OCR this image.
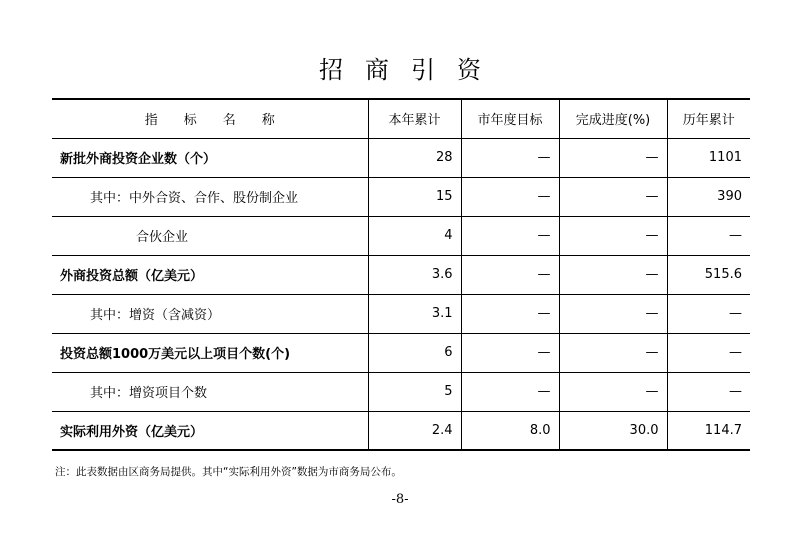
招商引资
指标名称	本年累计	市年度目标	完成进度(%)	历年累计
新批外商投资企业数（个）	28	—	—	1101
其中：中外合资、合作、股份制企业	15	—	—	390
合伙企业	4	—	—	—
外商投资总额（亿美元）	3.6	—	—	515.6
其中：增资（含减资）	3.1	—	—	—
投资总额1000万美元以上项目个数(个)	6	—	—	—
其中：增资项目个数	5	—	—	—
实际利用外资（亿美元）	2.4	8.0	30.0	114.7
注：此表数据由区商务局提供。其中“实际利用外资”数据为市商务局公布。
-8-
